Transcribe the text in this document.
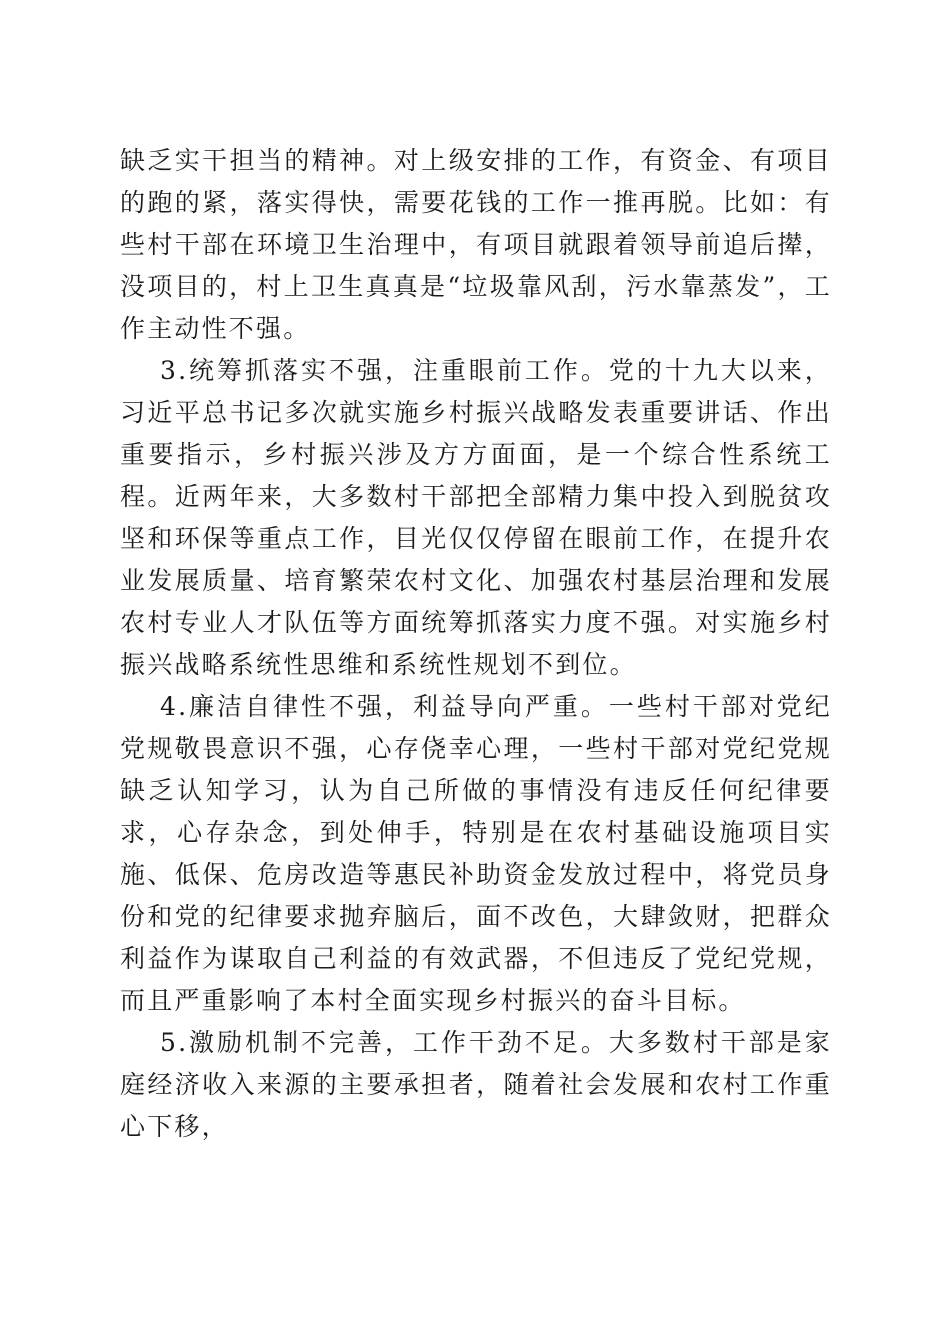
缺乏实干担当的精神。对上级安排的工作，有资金、有项目的跑的紧，落实得快，需要花钱的工作一推再脱。比如：有些村干部在环境卫生治理中，有项目就跟着领导前追后撵，没项目的，村上卫生真真是“垃圾靠风刮，污水靠蒸发”，工作主动性不强。

3.统筹抓落实不强，注重眼前工作。党的十九大以来，习近平总书记多次就实施乡村振兴战略发表重要讲话、作出重要指示，乡村振兴涉及方方面面，是一个综合性系统工程。近两年来，大多数村干部把全部精力集中投入到脱贫攻坚和环保等重点工作，目光仅仅停留在眼前工作，在提升农业发展质量、培育繁荣农村文化、加强农村基层治理和发展农村专业人才队伍等方面统筹抓落实力度不强。对实施乡村振兴战略系统性思维和系统性规划不到位。

4.廉洁自律性不强，利益导向严重。一些村干部对党纪党规敬畏意识不强，心存侥幸心理，一些村干部对党纪党规缺乏认知学习，认为自己所做的事情没有违反任何纪律要求，心存杂念，到处伸手，特别是在农村基础设施项目实施、低保、危房改造等惠民补助资金发放过程中，将党员身份和党的纪律要求抛弃脑后，面不改色，大肆敛财，把群众利益作为谋取自己利益的有效武器，不但违反了党纪党规，而且严重影响了本村全面实现乡村振兴的奋斗目标。

5.激励机制不完善，工作干劲不足。大多数村干部是家庭经济收入来源的主要承担者，随着社会发展和农村工作重心下移，
